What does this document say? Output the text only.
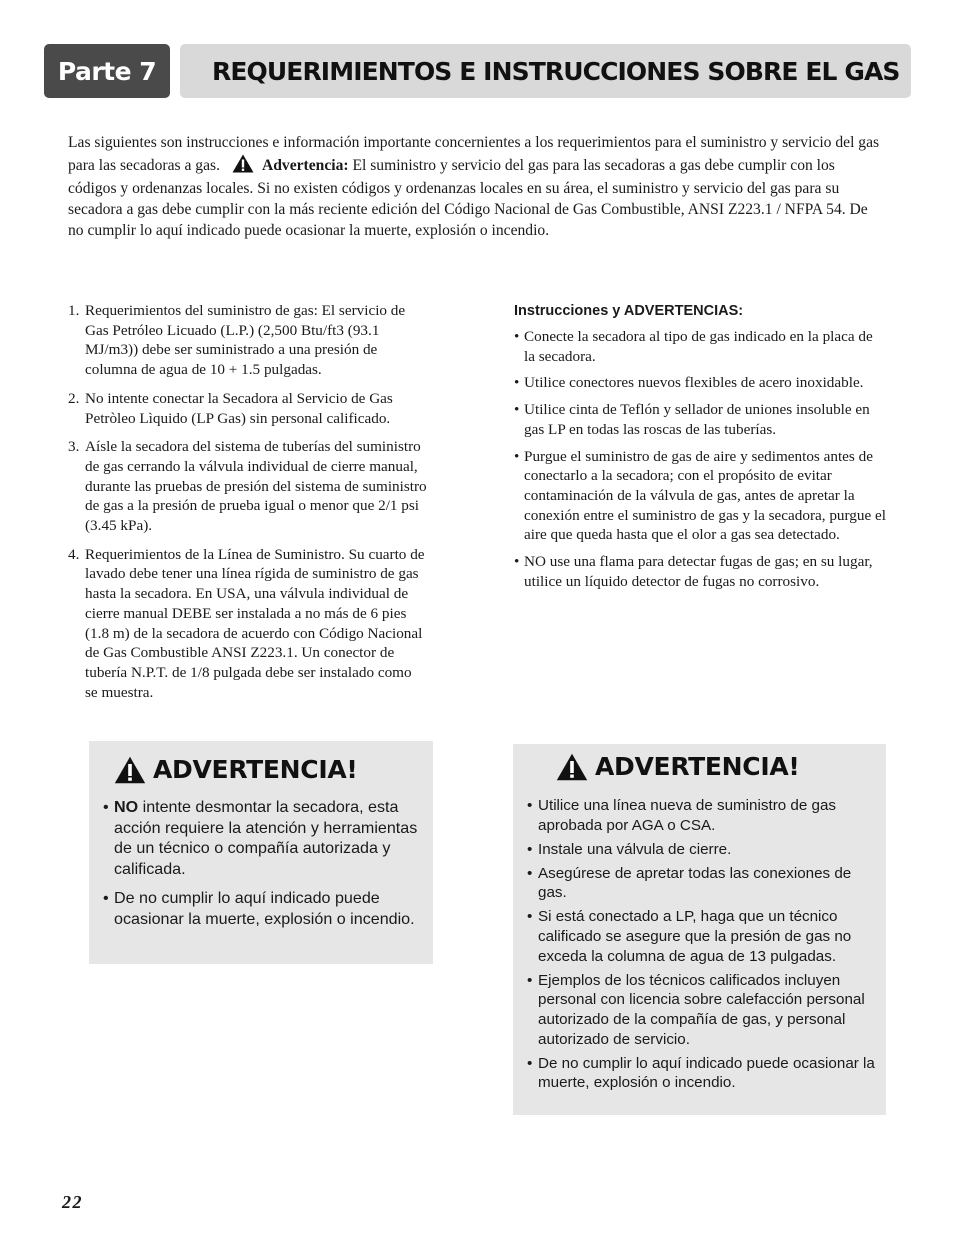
Parte 7	REQUERIMIENTOS E INSTRUCCIONES SOBRE EL GAS
Las siguientes son instrucciones e información importante concernientes a los requerimientos para el suministro y servicio del gas para las secadoras a gas.	Advertencia: El suministro y servicio del gas para las secadoras a gas debe cumplir con los códigos y ordenanzas locales. Si no existen códigos y ordenanzas locales en su área, el suministro y servicio del gas para su secadora a gas debe cumplir con la más reciente edición del Código Nacional de Gas Combustible, ANSI Z223.1 / NFPA 54. De no cumplir lo aquí indicado puede ocasionar la muerte, explosión o incendio.
1. Requerimientos del suministro de gas: El servicio de Gas Petróleo Licuado (L.P.) (2,500 Btu/ft3 (93.1 MJ/m3)) debe ser suministrado a una presión de columna de agua de 10 + 1.5 pulgadas.
2. No intente conectar la Secadora al Servicio de Gas Petròleo Lìquido (LP Gas) sin personal calificado.
3. Aísle la secadora del sistema de tuberías del suministro de gas cerrando la válvula individual de cierre manual, durante las pruebas de presión del sistema de suministro de gas a la presión de prueba igual o menor que 2/1 psi (3.45 kPa).
4. Requerimientos de la Línea de Suministro. Su cuarto de lavado debe tener una línea rígida de suministro de gas hasta la secadora. En USA, una válvula individual de cierre manual DEBE ser instalada a no más de 6 pies (1.8 m) de la secadora de acuerdo con Código Nacional de Gas Combustible ANSI Z223.1. Un conector de tubería N.P.T. de 1/8 pulgada debe ser instalado como se muestra.
Instrucciones y ADVERTENCIAS:
• Conecte la secadora al tipo de gas indicado en la placa de la secadora.
• Utilice conectores nuevos flexibles de acero inoxidable.
• Utilice cinta de Teflón y sellador de uniones insoluble en gas LP en todas las roscas de las tuberías.
• Purgue el suministro de gas de aire y sedimentos antes de conectarlo a la secadora; con el propósito de evitar contaminación de la válvula de gas, antes de apretar la conexión entre el suministro de gas y la secadora, purgue el aire que queda hasta que el olor a gas sea detectado.
• NO use una flama para detectar fugas de gas; en su lugar, utilice un líquido detector de fugas no corrosivo.
ADVERTENCIA!
• NO intente desmontar la secadora, esta acción requiere la atención y herramientas de un técnico o compañía autorizada y calificada.
• De no cumplir lo aquí indicado puede ocasionar la muerte, explosión o incendio.
ADVERTENCIA!
• Utilice una línea nueva de suministro de gas aprobada por AGA o CSA.
• Instale una válvula de cierre.
• Asegúrese de apretar todas las conexiones de gas.
• Si está conectado a LP, haga que un técnico calificado se asegure que la presión de gas no exceda la columna de agua de 13 pulgadas.
• Ejemplos de los técnicos calificados incluyen personal con licencia sobre calefacción personal autorizado de la compañía de gas, y personal autorizado de servicio.
• De no cumplir lo aquí indicado puede ocasionar la muerte, explosión o incendio.
22
